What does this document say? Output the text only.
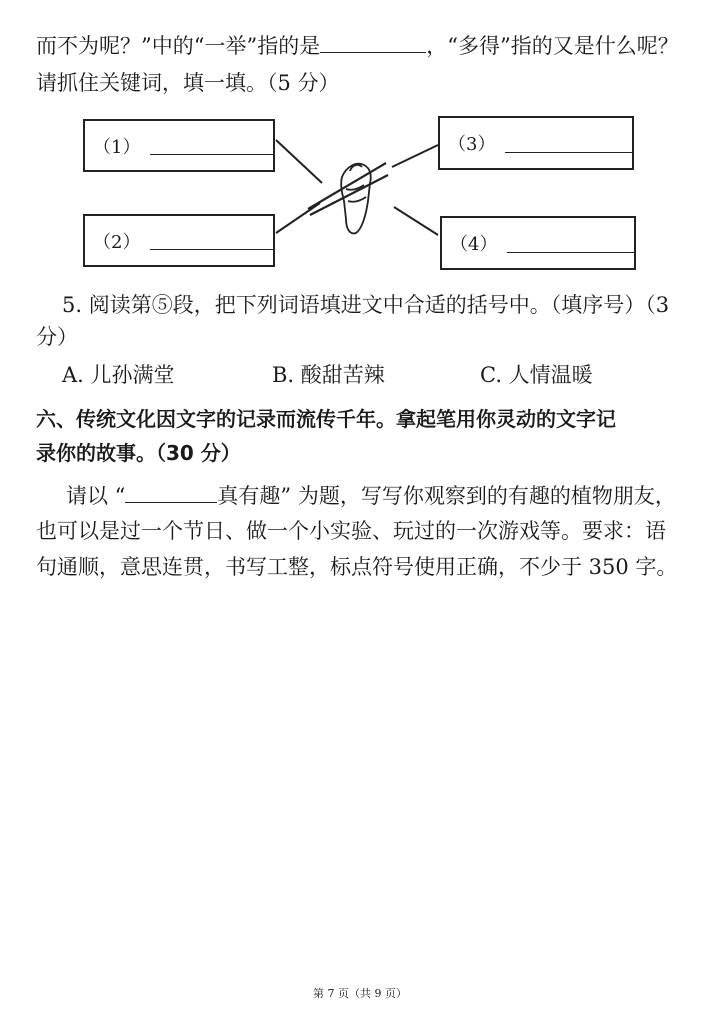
而不为呢？”中的“一举”指的是	，“多得”指的又是什么呢？
请抓住关键词，填一填。（5 分）
（1）
（2）
（3）
（4）
5. 阅读第⑤段，把下列词语填进文中合适的括号中。（填序号）（3
分）
A. 儿孙满堂	B. 酸甜苦辣	C. 人情温暖
六、传统文化因文字的记录而流传千年。拿起笔用你灵动的文字记
录你的故事。（30 分）
请以 “	真有趣” 为题，写写你观察到的有趣的植物朋友，
也可以是过一个节日、做一个小实验、玩过的一次游戏等。要求：语
句通顺，意思连贯，书写工整，标点符号使用正确，不少于 350 字。
第 7 页（共 9 页）
